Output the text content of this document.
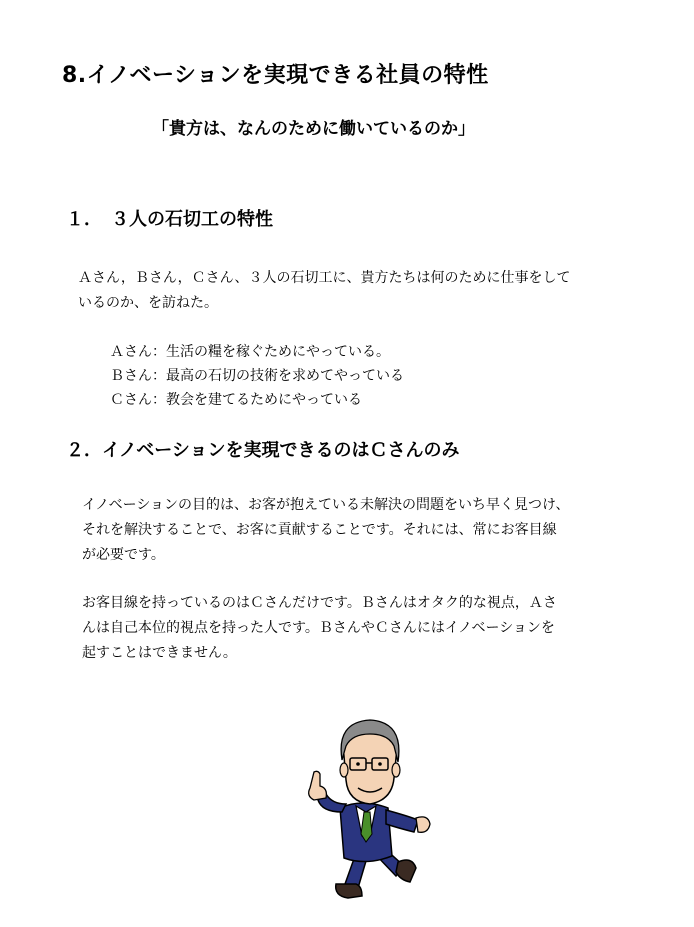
8.イノベーションを実現できる社員の特性
「貴方は、なんのために働いているのか」
１．　３人の石切工の特性
Ａさん，Ｂさん，Ｃさん、３人の石切工に、貴方たちは何のために仕事をして
いるのか、を訪ねた。
Ａさん：生活の糧を稼ぐためにやっている。
Ｂさん：最高の石切の技術を求めてやっている
Ｃさん：教会を建てるためにやっている
２．イノベーションを実現できるのはＣさんのみ
イノベーションの目的は、お客が抱えている未解決の問題をいち早く見つけ、
それを解決することで、お客に貢献することです。それには、常にお客目線
が必要です。
お客目線を持っているのはＣさんだけです。Ｂさんはオタク的な視点，Ａさ
んは自己本位的視点を持った人です。ＢさんやＣさんにはイノベーションを
起すことはできません。
